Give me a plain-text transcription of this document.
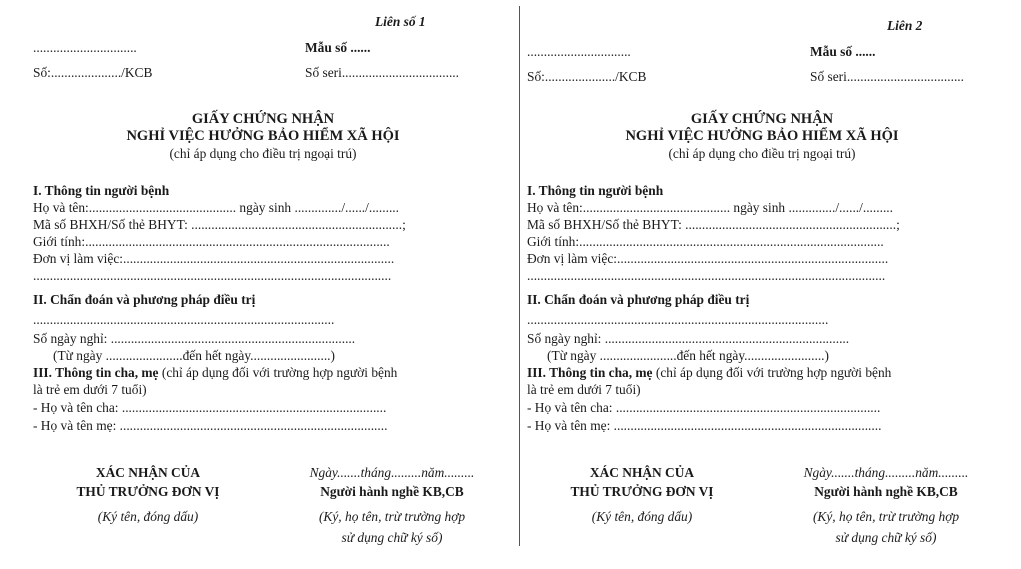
Liên số 1
...............................	Mẫu số ......
Số:...................../KCB	Số seri...................................
GIẤY CHỨNG NHẬN
NGHỈ VIỆC HƯỞNG BẢO HIỂM XÃ HỘI
(chỉ áp dụng cho điều trị ngoại trú)
I. Thông tin người bệnh
Họ và tên:............................................ ngày sinh ............../....../.........
Mã số BHXH/Số thẻ BHYT: ...............................................................;
Giới tính:...........................................................................................
Đơn vị làm việc:.................................................................................
...........................................................................................................
II. Chẩn đoán và phương pháp điều trị
..........................................................................................
Số ngày nghỉ: .........................................................................
(Từ ngày .......................đến hết ngày........................)
III. Thông tin cha, mẹ (chỉ áp dụng đối với trường hợp người bệnh
là trẻ em dưới 7 tuổi)
- Họ và tên cha: ...............................................................................
- Họ và tên mẹ: ................................................................................
XÁC NHẬN CỦA
THỦ TRƯỞNG ĐƠN VỊ
(Ký tên, đóng dấu)
Ngày.......tháng.........năm.........
Người hành nghề KB,CB
(Ký, họ tên, trừ trường hợp
sử dụng chữ ký số)
Liên 2
...............................	Mẫu số ......
Số:...................../KCB	Số seri...................................
GIẤY CHỨNG NHẬN
NGHỈ VIỆC HƯỞNG BẢO HIỂM XÃ HỘI
(chỉ áp dụng cho điều trị ngoại trú)
I. Thông tin người bệnh
Họ và tên:............................................ ngày sinh ............../....../.........
Mã số BHXH/Số thẻ BHYT: ...............................................................;
Giới tính:...........................................................................................
Đơn vị làm việc:.................................................................................
...........................................................................................................
II. Chẩn đoán và phương pháp điều trị
..........................................................................................
Số ngày nghỉ: .........................................................................
(Từ ngày .......................đến hết ngày........................)
III. Thông tin cha, mẹ (chỉ áp dụng đối với trường hợp người bệnh
là trẻ em dưới 7 tuổi)
- Họ và tên cha: ...............................................................................
- Họ và tên mẹ: ................................................................................
XÁC NHẬN CỦA
THỦ TRƯỞNG ĐƠN VỊ
(Ký tên, đóng dấu)
Ngày.......tháng.........năm.........
Người hành nghề KB,CB
(Ký, họ tên, trừ trường hợp
sử dụng chữ ký số)
